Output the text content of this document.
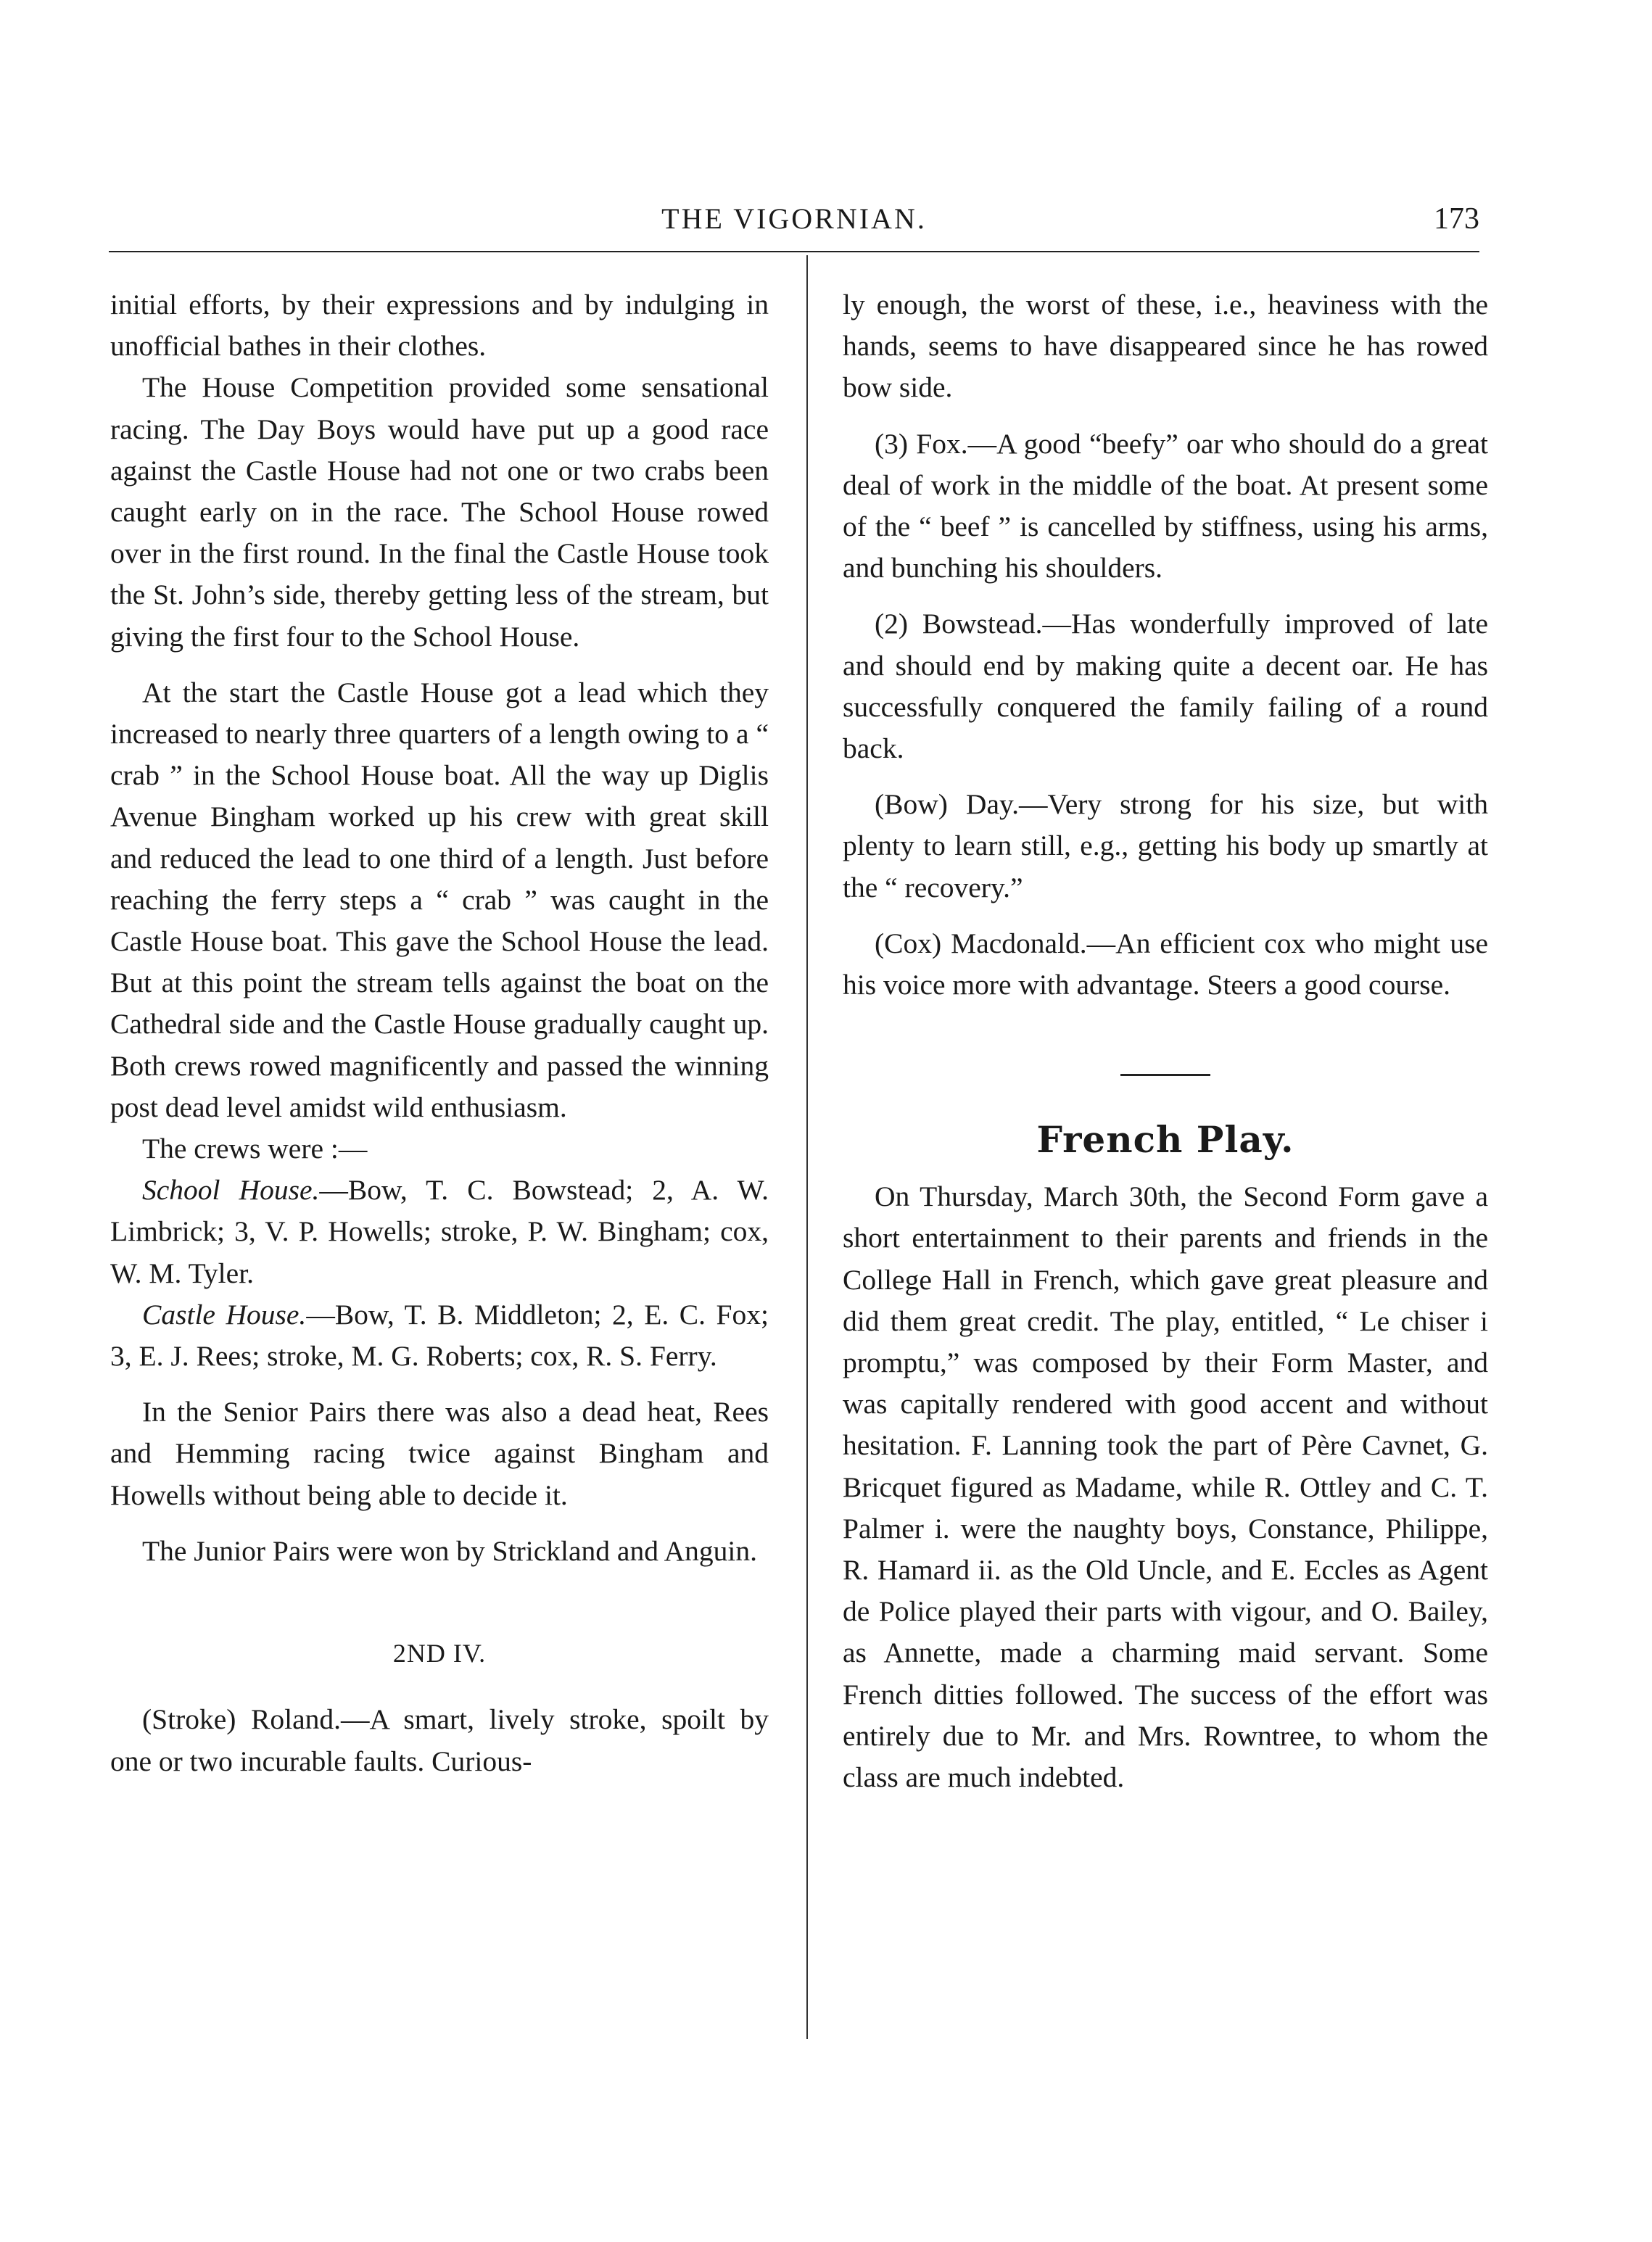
THE VIGORNIAN.	173

initial efforts, by their expressions and by indulging in unofficial bathes in their clothes.

The House Competition provided some sensational racing. The Day Boys would have put up a good race against the Castle House had not one or two crabs been caught early on in the race. The School House rowed over in the first round. In the final the Castle House took the St. John’s side, thereby getting less of the stream, but giving the first four to the School House.

At the start the Castle House got a lead which they increased to nearly three quarters of a length owing to a “ crab ” in the School House boat. All the way up Diglis Avenue Bingham worked up his crew with great skill and reduced the lead to one third of a length. Just before reaching the ferry steps a “ crab ” was caught in the Castle House boat. This gave the School House the lead. But at this point the stream tells against the boat on the Cathedral side and the Castle House gradually caught up. Both crews rowed magnificently and passed the winning post dead level amidst wild enthusiasm.

The crews were :—

School House.—Bow, T. C. Bowstead; 2, A. W. Limbrick; 3, V. P. Howells; stroke, P. W. Bingham; cox, W. M. Tyler.

Castle House.—Bow, T. B. Middleton; 2, E. C. Fox; 3, E. J. Rees; stroke, M. G. Roberts; cox, R. S. Ferry.

In the Senior Pairs there was also a dead heat, Rees and Hemming racing twice against Bingham and Howells without being able to decide it.

The Junior Pairs were won by Strickland and Anguin.

2ND IV.

(Stroke) Roland.—A smart, lively stroke, spoilt by one or two incurable faults. Curious-

ly enough, the worst of these, i.e., heaviness with the hands, seems to have disappeared since he has rowed bow side.

(3) Fox.—A good “beefy” oar who should do a great deal of work in the middle of the boat. At present some of the “ beef ” is cancelled by stiffness, using his arms, and bunching his shoulders.

(2) Bowstead.—Has wonderfully improved of late and should end by making quite a decent oar. He has successfully conquered the family failing of a round back.

(Bow) Day.—Very strong for his size, but with plenty to learn still, e.g., getting his body up smartly at the “ recovery.”

(Cox) Macdonald.—An efficient cox who might use his voice more with advantage. Steers a good course.

French Play.

On Thursday, March 30th, the Second Form gave a short entertainment to their parents and friends in the College Hall in French, which gave great pleasure and did them great credit. The play, entitled, “ Le chiser i promptu,” was composed by their Form Master, and was capitally rendered with good accent and without hesitation. F. Lanning took the part of Père Cavnet, G. Bricquet figured as Madame, while R. Ottley and C. T. Palmer i. were the naughty boys, Constance, Philippe, R. Hamard ii. as the Old Uncle, and E. Eccles as Agent de Police played their parts with vigour, and O. Bailey, as Annette, made a charming maid servant. Some French ditties followed. The success of the effort was entirely due to Mr. and Mrs. Rowntree, to whom the class are much indebted.
